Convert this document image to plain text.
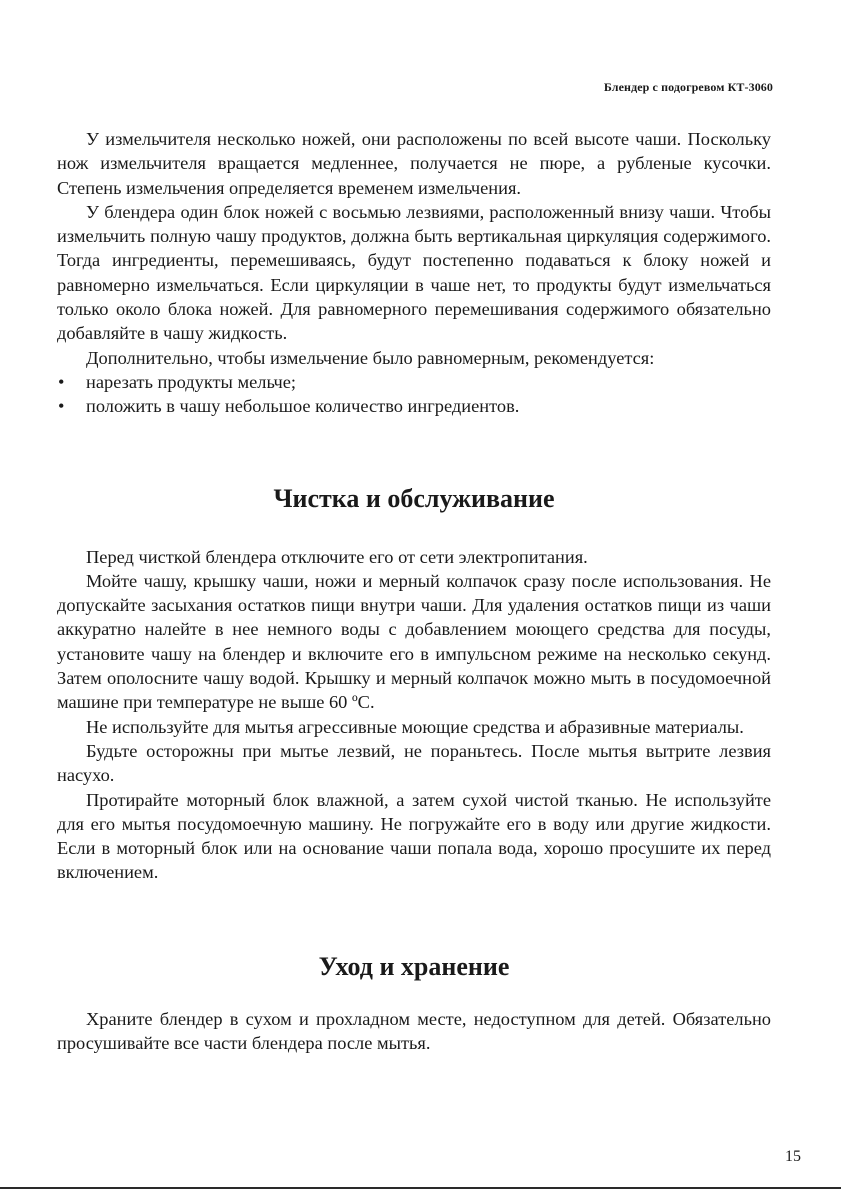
Блендер с подогревом КТ-3060

У измельчителя несколько ножей, они расположены по всей высоте чаши. Поскольку нож измельчителя вращается медленнее, получается не пюре, а рубленые кусочки. Степень измельчения определяется временем измельчения.

У блендера один блок ножей с восьмью лезвиями, расположенный внизу чаши. Чтобы измельчить полную чашу продуктов, должна быть вертикальная циркуляция содержимого. Тогда ингредиенты, перемешиваясь, будут постепенно подаваться к блоку ножей и равномерно измельчаться. Если циркуляции в чаше нет, то продукты будут измельчаться только около блока ножей. Для равномерного перемешивания содержимого обязательно добавляйте в чашу жидкость.

Дополнительно, чтобы измельчение было равномерным, рекомендуется:

• нарезать продукты мельче;
• положить в чашу небольшое количество ингредиентов.
Чистка и обслуживание

Перед чисткой блендера отключите его от сети электропитания.

Мойте чашу, крышку чаши, ножи и мерный колпачок сразу после использования. Не допускайте засыхания остатков пищи внутри чаши. Для удаления остатков пищи из чаши аккуратно налейте в нее немного воды с добавлением моющего средства для посуды, установите чашу на блендер и включите его в импульсном режиме на несколько секунд. Затем ополосните чашу водой. Крышку и мерный колпачок можно мыть в посудомоечной машине при температуре не выше 60 ºС.

Не используйте для мытья агрессивные моющие средства и абразивные материалы.

Будьте осторожны при мытье лезвий, не пораньтесь. После мытья вытрите лезвия насухо.

Протирайте моторный блок влажной, а затем сухой чистой тканью. Не используйте для его мытья посудомоечную машину. Не погружайте его в воду или другие жидкости. Если в моторный блок или на основание чаши попала вода, хорошо просушите их перед включением.

Уход и хранение

Храните блендер в сухом и прохладном месте, недоступном для детей. Обязательно просушивайте все части блендера после мытья.

15
